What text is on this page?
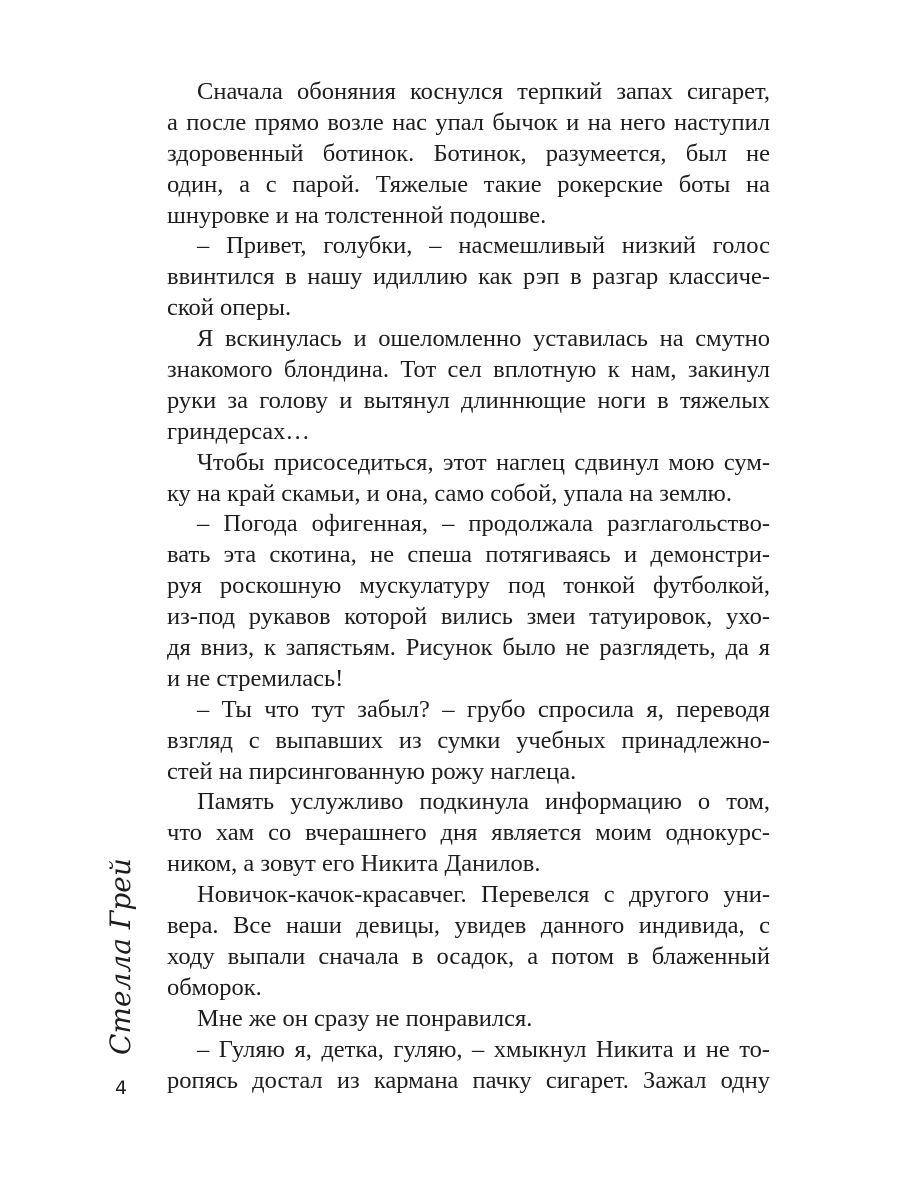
Сначала обоняния коснулся терпкий запах сигарет,
а после прямо возле нас упал бычок и на него наступил
здоровенный ботинок. Ботинок, разумеется, был не
один, а с парой. Тяжелые такие рокерские боты на
шнуровке и на толстенной подошве.
– Привет, голубки, – насмешливый низкий голос
ввинтился в нашу идиллию как рэп в разгар классиче-
ской оперы.
Я вскинулась и ошеломленно уставилась на смутно
знакомого блондина. Тот сел вплотную к нам, закинул
руки за голову и вытянул длиннющие ноги в тяжелых
гриндерсах…
Чтобы присоседиться, этот наглец сдвинул мою сум-
ку на край скамьи, и она, само собой, упала на землю.
– Погода офигенная, – продолжала разглагольство-
вать эта скотина, не спеша потягиваясь и демонстри-
руя роскошную мускулатуру под тонкой футболкой,
из-под рукавов которой вились змеи татуировок, ухо-
дя вниз, к запястьям. Рисунок было не разглядеть, да я
и не стремилась!
– Ты что тут забыл? – грубо спросила я, переводя
взгляд с выпавших из сумки учебных принадлежно-
стей на пирсингованную рожу наглеца.
Память услужливо подкинула информацию о том,
что хам со вчерашнего дня является моим однокурс-
ником, а зовут его Никита Данилов.
Новичок-качок-красавчег. Перевелся с другого уни-
вера. Все наши девицы, увидев данного индивида, с
ходу выпали сначала в осадок, а потом в блаженный
обморок.
Мне же он сразу не понравился.
– Гуляю я, детка, гуляю, – хмыкнул Никита и не то-
ропясь достал из кармана пачку сигарет. Зажал одну
Стелла Грей
4
